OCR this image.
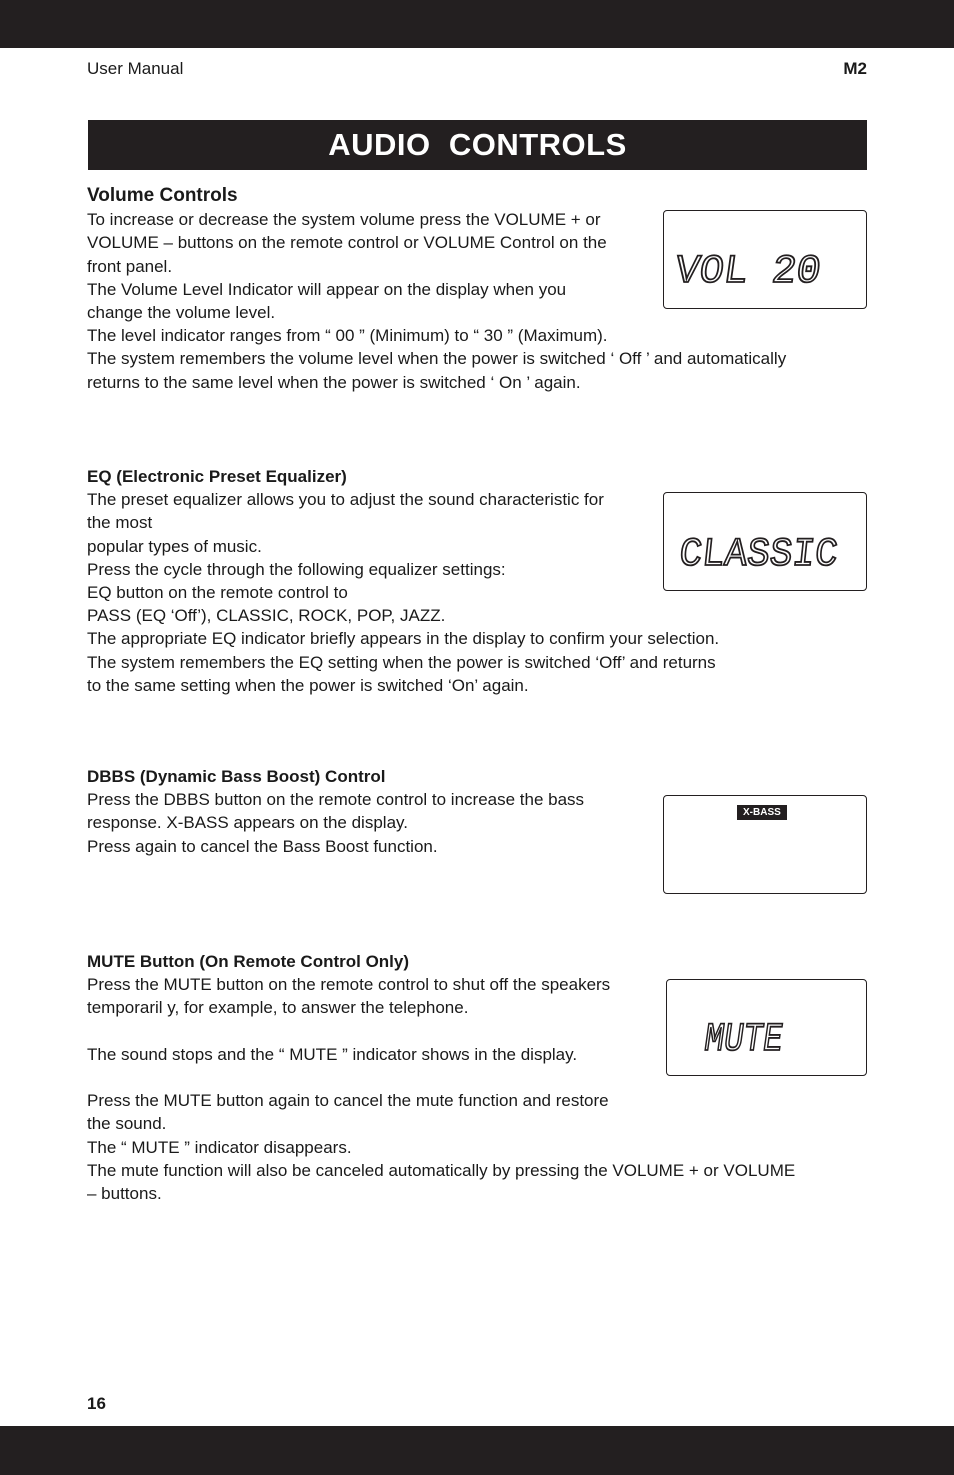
User Manual	M2
AUDIO  CONTROLS
Volume Controls

To increase or decrease the system volume press the VOLUME + or

VOLUME – buttons on the remote control or VOLUME Control on the

front panel.

The Volume Level Indicator will appear on the display when you

change the volume level.

The level indicator ranges from “ 00 ” (Minimum) to “ 30 ” (Maximum).

The system remembers the volume level when the power is switched ‘ Off ’ and automatically

returns to the same level when the power is switched ‘ On ’ again.

VOL 20
EQ (Electronic Preset Equalizer)

The preset equalizer allows you to adjust the sound characteristic for

the most

popular types of music.

Press the cycle through the following equalizer settings:

EQ button on the remote control to

PASS (EQ ‘Off’), CLASSIC, ROCK, POP, JAZZ.

The appropriate EQ indicator briefly appears in the display to confirm your selection.

The system remembers the EQ setting when the power is switched ‘Off’ and returns

to the same setting when the power is switched ‘On’ again.

CLASSIC
DBBS (Dynamic Bass Boost) Control

Press the DBBS button on the remote control to increase the bass

response. X-BASS appears on the display.

Press again to cancel the Bass Boost function.

X-BASS
MUTE Button (On Remote Control Only)

Press the MUTE button on the remote control to shut off the speakers

temporaril y, for example, to answer the telephone.

The sound stops and the “ MUTE ” indicator shows in the display.

Press the MUTE button again to cancel the mute function and restore

the sound.

The “ MUTE ” indicator disappears.

The mute function will also be canceled automatically by pressing the VOLUME + or VOLUME

– buttons.

MUTE
16
